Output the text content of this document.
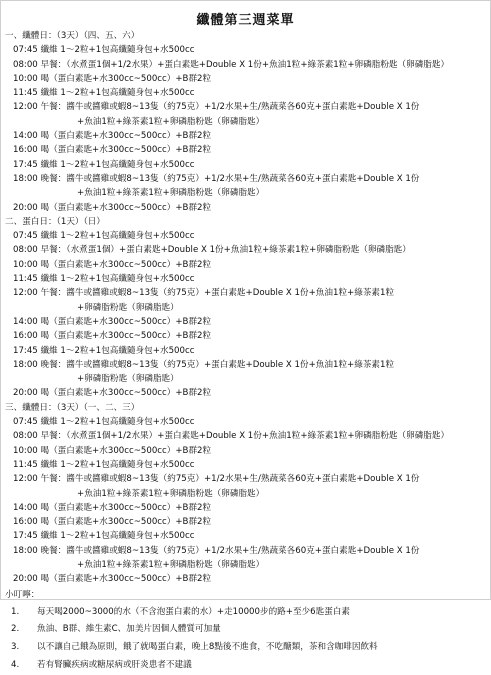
纖體第三週菜單
一、纖體日：（3天）（四、五、六）
07:45 纖維 1～2粒+1包高纖隨身包+水500cc
08:00 早餐：（水煮蛋1個+1/2水果）+蛋白素匙+Double X 1份+魚油1粒+綠茶素1粒+卵磷脂粉匙（卵磷脂匙）
10:00 喝（蛋白素匙+水300cc~500cc）+B群2粒
11:45 纖維 1～2粒+1包高纖隨身包+水500cc
12:00 午餐：醬牛或醬雞或蝦8~13隻（約75克）+1/2水果+生/熟蔬菜各60克+蛋白素匙+Double X 1份
+魚油1粒+綠茶素1粒+卵磷脂粉匙（卵磷脂匙）
14:00 喝（蛋白素匙+水300cc~500cc）+B群2粒
16:00 喝（蛋白素匙+水300cc~500cc）+B群2粒
17:45 纖維 1～2粒+1包高纖隨身包+水500cc
18:00 晚餐：醬牛或醬雞或蝦8~13隻（約75克）+1/2水果+生/熟蔬菜各60克+蛋白素匙+Double X 1份
+魚油1粒+綠茶素1粒+卵磷脂粉匙（卵磷脂匙）
20:00 喝（蛋白素匙+水300cc~500cc）+B群2粒
二、蛋白日：（1天）（日）
07:45 纖維 1～2粒+1包高纖隨身包+水500cc
08:00 早餐：（水煮蛋1個）+蛋白素匙+Double X 1份+魚油1粒+綠茶素1粒+卵磷脂粉匙（卵磷脂匙）
10:00 喝（蛋白素匙+水300cc~500cc）+B群2粒
11:45 纖維 1～2粒+1包高纖隨身包+水500cc
12:00 午餐：醬牛或醬雞或蝦8~13隻（約75克）+蛋白素匙+Double X 1份+魚油1粒+綠茶素1粒
+卵磷脂粉匙（卵磷脂匙）
14:00 喝（蛋白素匙+水300cc~500cc）+B群2粒
16:00 喝（蛋白素匙+水300cc~500cc）+B群2粒
17:45 纖維 1～2粒+1包高纖隨身包+水500cc
18:00 晚餐：醬牛或醬雞或蝦8~13隻（約75克）+蛋白素匙+Double X 1份+魚油1粒+綠茶素1粒
+卵磷脂粉匙（卵磷脂匙）
20:00 喝（蛋白素匙+水300cc~500cc）+B群2粒
三、纖體日：（3天）（一、二、三）
07:45 纖維 1～2粒+1包高纖隨身包+水500cc
08:00 早餐：（水煮蛋1個+1/2水果）+蛋白素匙+Double X 1份+魚油1粒+綠茶素1粒+卵磷脂粉匙（卵磷脂匙）
10:00 喝（蛋白素匙+水300cc~500cc）+B群2粒
11:45 纖維 1～2粒+1包高纖隨身包+水500cc
12:00 午餐：醬牛或醬雞或蝦8~13隻（約75克）+1/2水果+生/熟蔬菜各60克+蛋白素匙+Double X 1份
+魚油1粒+綠茶素1粒+卵磷脂粉匙（卵磷脂匙）
14:00 喝（蛋白素匙+水300cc~500cc）+B群2粒
16:00 喝（蛋白素匙+水300cc~500cc）+B群2粒
17:45 纖維 1～2粒+1包高纖隨身包+水500cc
18:00 晚餐：醬牛或醬雞或蝦8~13隻（約75克）+1/2水果+生/熟蔬菜各60克+蛋白素匙+Double X 1份
+魚油1粒+綠茶素1粒+卵磷脂粉匙（卵磷脂匙）
20:00 喝（蛋白素匙+水300cc~500cc）+B群2粒
小叮嚀：
1. 每天喝2000~3000的水（不含泡蛋白素的水）+走10000步的路+至少6匙蛋白素
2. 魚油、B群、維生素C、加美片因個人體質可加量
3. 以不讓自己餓為原則，餓了就喝蛋白素，晚上8點後不進食，不吃醣類，茶和含咖啡因飲料
4. 若有腎臟疾病或糖尿病或肝炎患者不建議
